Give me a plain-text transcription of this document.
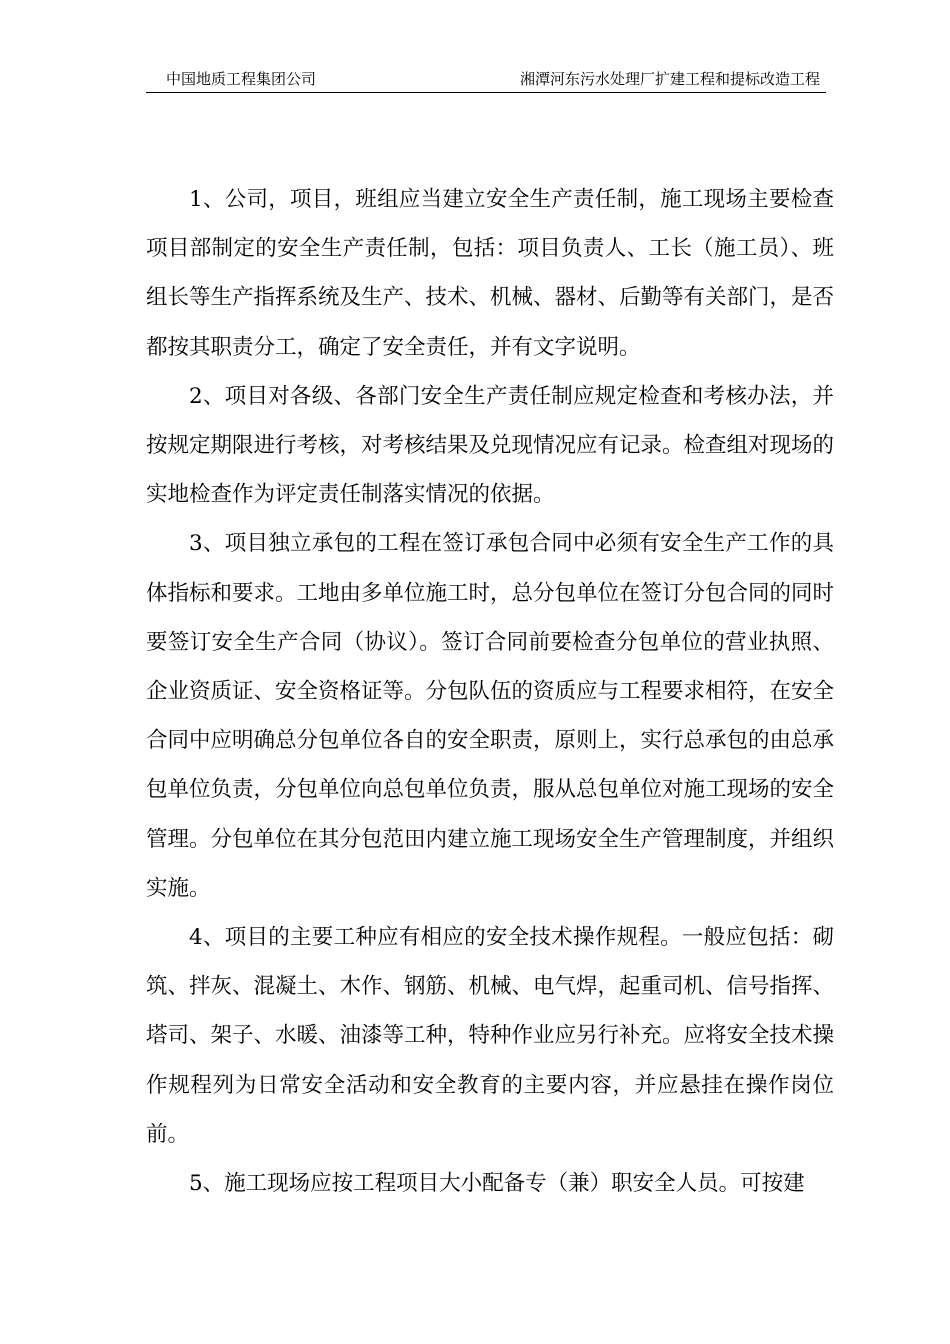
中国地质工程集团公司	湘潭河东污水处理厂扩建工程和提标改造工程

1、公司，项目，班组应当建立安全生产责任制，施工现场主要检查项目部制定的安全生产责任制，包括：项目负责人、工长（施工员）、班组长等生产指挥系统及生产、技术、机械、器材、后勤等有关部门，是否都按其职责分工，确定了安全责任，并有文字说明。

2、项目对各级、各部门安全生产责任制应规定检查和考核办法，并按规定期限进行考核，对考核结果及兑现情况应有记录。检查组对现场的实地检查作为评定责任制落实情况的依据。

3、项目独立承包的工程在签订承包合同中必须有安全生产工作的具体指标和要求。工地由多单位施工时，总分包单位在签订分包合同的同时要签订安全生产合同（协议）。签订合同前要检查分包单位的营业执照、企业资质证、安全资格证等。分包队伍的资质应与工程要求相符，在安全合同中应明确总分包单位各自的安全职责，原则上，实行总承包的由总承包单位负责，分包单位向总包单位负责，服从总包单位对施工现场的安全管理。分包单位在其分包范田内建立施工现场安全生产管理制度，并组织实施。

4、项目的主要工种应有相应的安全技术操作规程。一般应包括：砌筑、拌灰、混凝土、木作、钢筋、机械、电气焊，起重司机、信号指挥、塔司、架子、水暖、油漆等工种，特种作业应另行补充。应将安全技术操作规程列为日常安全活动和安全教育的主要内容，并应悬挂在操作岗位前。

5、施工现场应按工程项目大小配备专（兼）职安全人员。可按建
